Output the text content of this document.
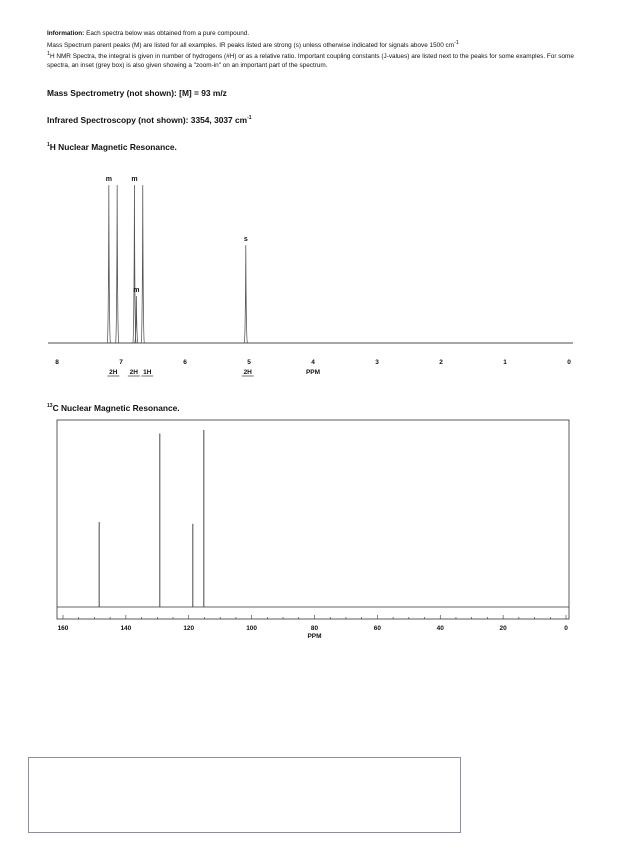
Information: Each spectra below was obtained from a pure compound.

Mass Spectrum parent peaks (M) are listed for all examples. IR peaks listed are strong (s) unless otherwise indicated for signals above 1500 $cm^{-1}$

$^1$H NMR Spectra, the integral is given in number of hydrogens (#H) or as a relative ratio. Important coupling constants (J-values) are listed next to the peaks for some examples. For some spectra, an inset (grey box) is also given showing a "zoom-in" on an important part of the spectrum.

Mass Spectrometry (not shown): [M] = 93 m/z
Infrared Spectroscopy (not shown): 3354, 3037 $cm^{-1}$
$^1$H Nuclear Magnetic Resonance.
$^{13}$C Nuclear Magnetic Resonance.
m	m
m
s
8	7	6	5	4	3	2	1	0
PPM
2H 2H 1H	2H
160	140	120	100	80	60	40	20	0
PPM
